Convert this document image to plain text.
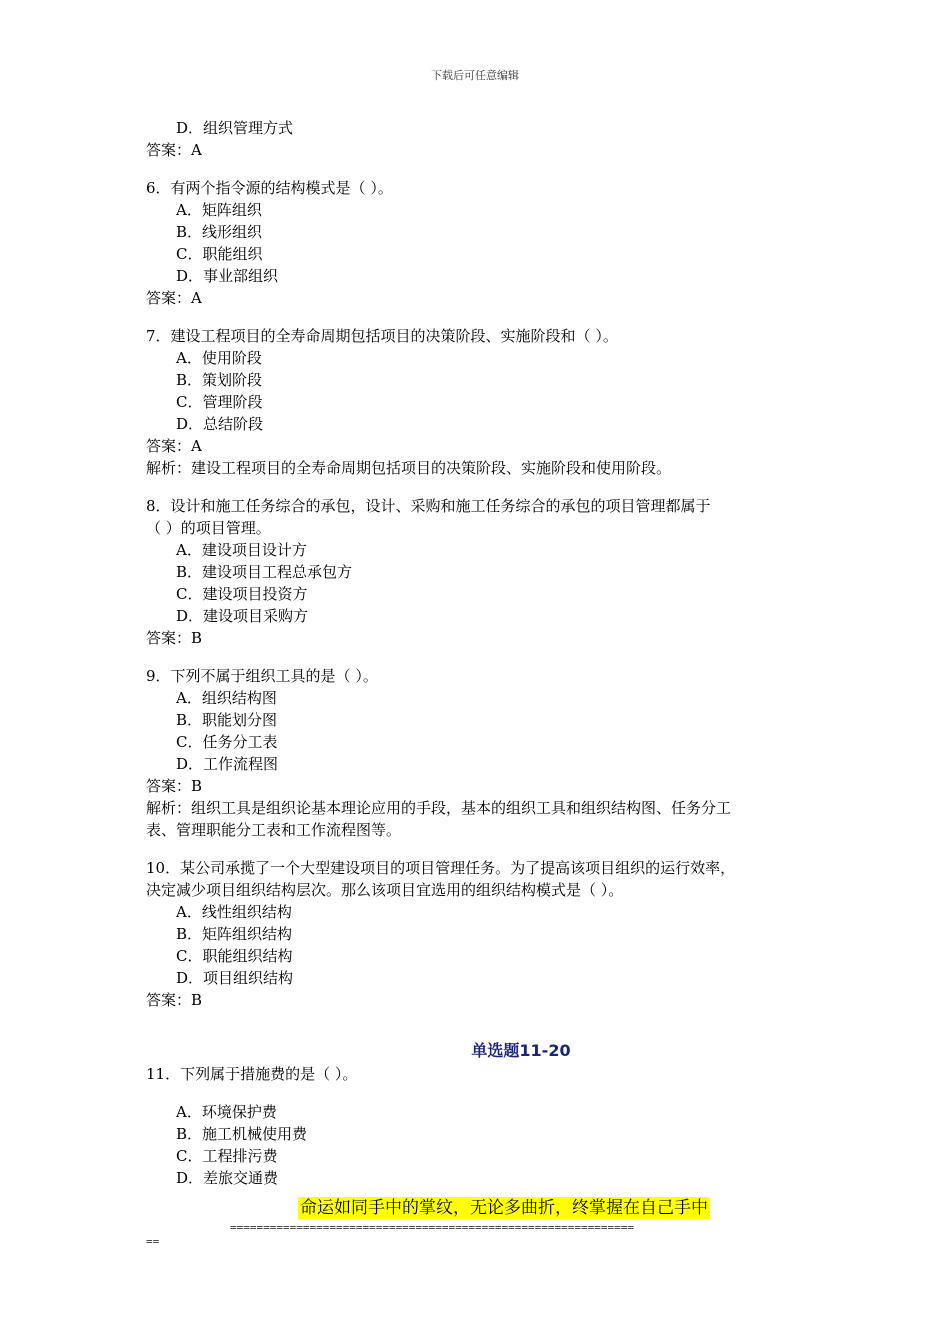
下载后可任意编辑
D．组织管理方式
答案：A
6．有两个指令源的结构模式是（ ）。
A．矩阵组织
B．线形组织
C．职能组织
D．事业部组织
答案：A
7．建设工程项目的全寿命周期包括项目的决策阶段、实施阶段和（ ）。
A．使用阶段
B．策划阶段
C．管理阶段
D．总结阶段
答案：A
解析：建设工程项目的全寿命周期包括项目的决策阶段、实施阶段和使用阶段。
8．设计和施工任务综合的承包，设计、采购和施工任务综合的承包的项目管理都属于
（ ）的项目管理。
A．建设项目设计方
B．建设项目工程总承包方
C．建设项目投资方
D．建设项目采购方
答案：B
9．下列不属于组织工具的是（ ）。
A．组织结构图
B．职能划分图
C．任务分工表
D．工作流程图
答案：B
解析：组织工具是组织论基本理论应用的手段，基本的组织工具和组织结构图、任务分工
表、管理职能分工表和工作流程图等。
10．某公司承揽了一个大型建设项目的项目管理任务。为了提高该项目组织的运行效率，
决定减少项目组织结构层次。那么该项目宜选用的组织结构模式是（ ）。
A．线性组织结构
B．矩阵组织结构
C．职能组织结构
D．项目组织结构
答案：B
单选题11-20
11．下列属于措施费的是（ ）。
A．环境保护费
B．施工机械使用费
C．工程排污费
D．差旅交通费
命运如同手中的掌纹，无论多曲折，终掌握在自己手中
=============================================================
==
